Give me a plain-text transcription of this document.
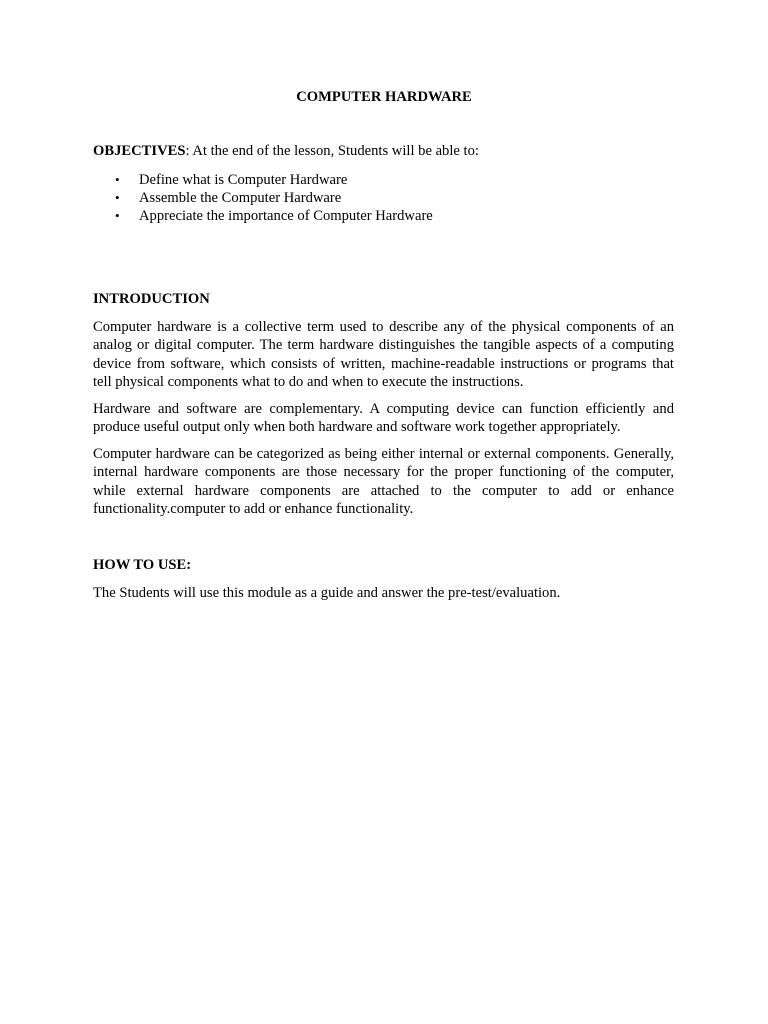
COMPUTER HARDWARE
OBJECTIVES: At the end of the lesson, Students will be able to:
• Define what is Computer Hardware
• Assemble the Computer Hardware
• Appreciate the importance of Computer Hardware
INTRODUCTION

Computer hardware is a collective term used to describe any of the physical components of an analog or digital computer. The term hardware distinguishes the tangible aspects of a computing device from software, which consists of written, machine-readable instructions or programs that tell physical components what to do and when to execute the instructions.

Hardware and software are complementary. A computing device can function efficiently and produce useful output only when both hardware and software work together appropriately.

Computer hardware can be categorized as being either internal or external components. Generally, internal hardware components are those necessary for the proper functioning of the computer, while external hardware components are attached to the computer to add or enhance functionality.computer to add or enhance functionality.

HOW TO USE:

The Students will use this module as a guide and answer the pre-test/evaluation.
